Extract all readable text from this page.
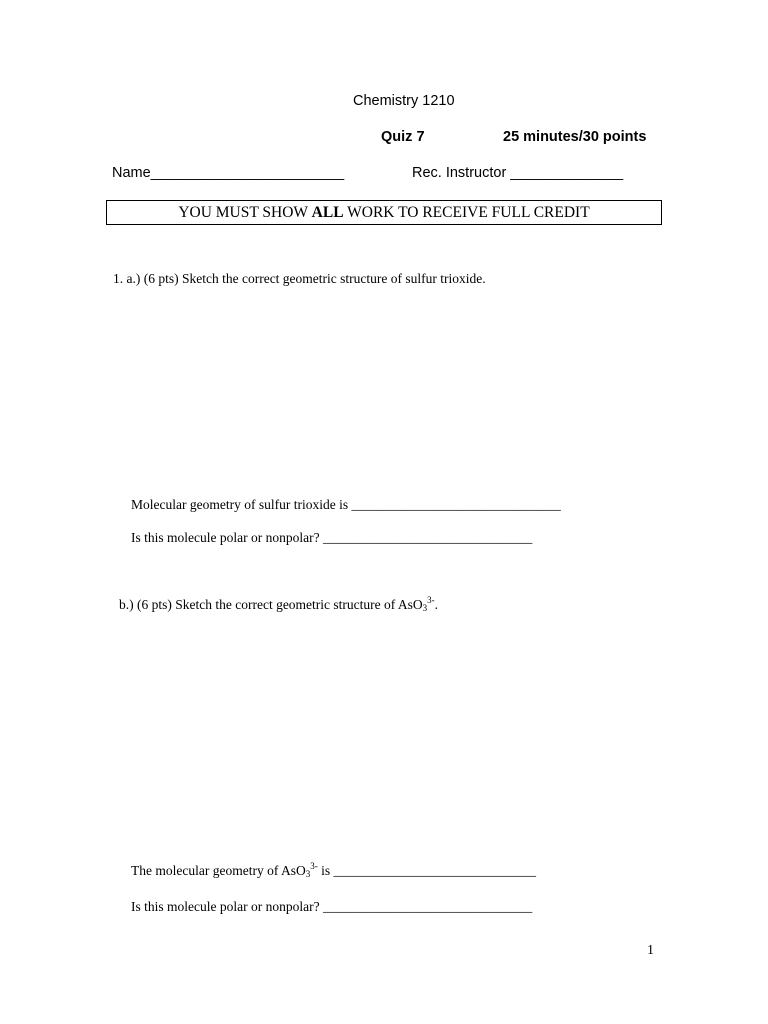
Chemistry 1210
Quiz 7	25 minutes/30 points
Name________________________	Rec. Instructor ______________
YOU MUST SHOW ALL WORK TO RECEIVE FULL CREDIT
1. a.) (6 pts) Sketch the correct geometric structure of sulfur trioxide.
Molecular geometry of sulfur trioxide is _______________________________
Is this molecule polar or nonpolar? _______________________________
b.) (6 pts) Sketch the correct geometric structure of AsO$_3^{3-}$.
The molecular geometry of AsO$_3^{3-}$ is ______________________________
Is this molecule polar or nonpolar? _______________________________
1
